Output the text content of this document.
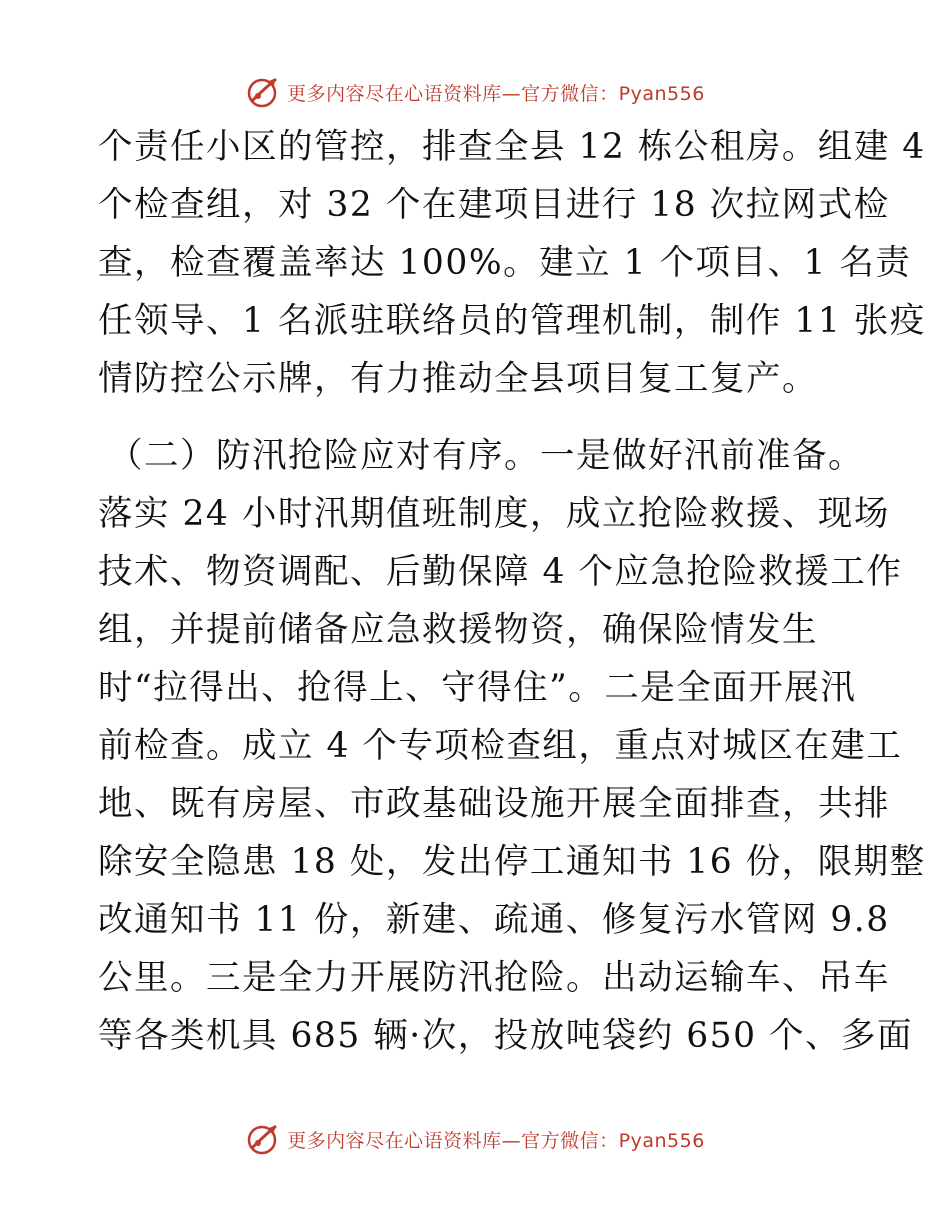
更多内容尽在心语资料库—官方微信：Pyan556
个责任小区的管控，排查全县 12 栋公租房。组建 4
个检查组，对 32 个在建项目进行 18 次拉网式检
查，检查覆盖率达 100%。建立 1 个项目、1 名责
任领导、1 名派驻联络员的管理机制，制作 11 张疫
情防控公示牌，有力推动全县项目复工复产。
（二）防汛抢险应对有序。一是做好汛前准备。
落实 24 小时汛期值班制度，成立抢险救援、现场
技术、物资调配、后勤保障 4 个应急抢险救援工作
组，并提前储备应急救援物资，确保险情发生
时“拉得出、抢得上、守得住”。二是全面开展汛
前检查。成立 4 个专项检查组，重点对城区在建工
地、既有房屋、市政基础设施开展全面排查，共排
除安全隐患 18 处，发出停工通知书 16 份，限期整
改通知书 11 份，新建、疏通、修复污水管网 9.8
公里。三是全力开展防汛抢险。出动运输车、吊车
等各类机具 685 辆·次，投放吨袋约 650 个、多面
更多内容尽在心语资料库—官方微信：Pyan556
